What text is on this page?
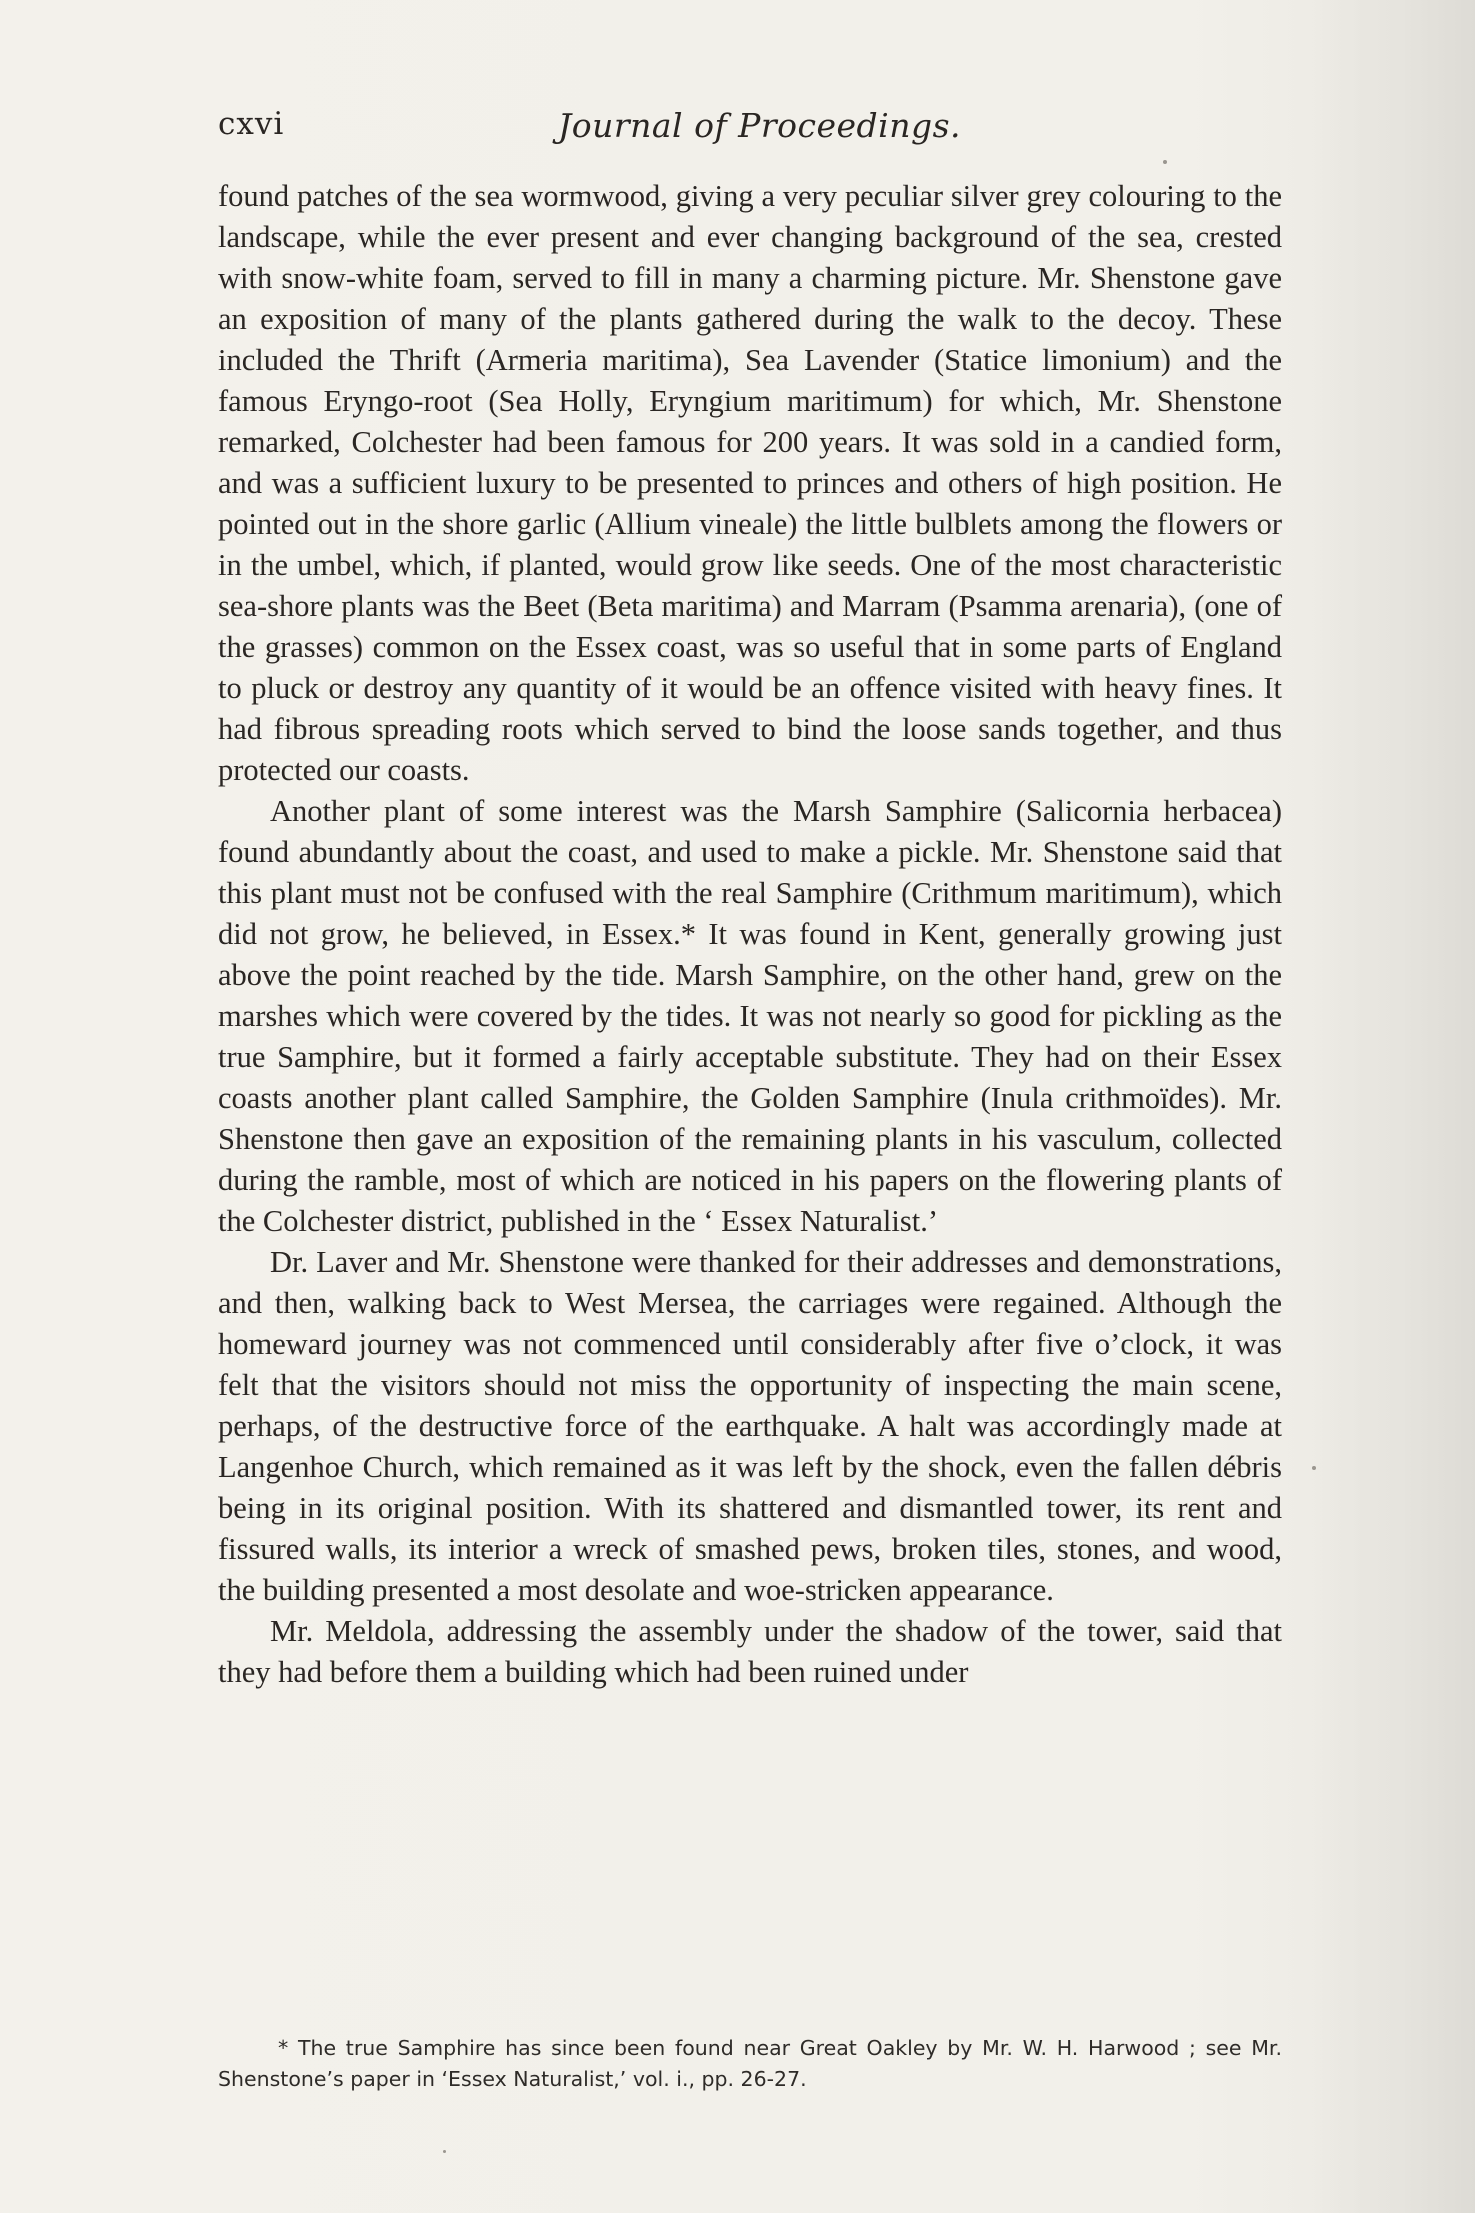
cxvi	Journal of Proceedings.

found patches of the sea wormwood, giving a very peculiar silver grey colouring to the landscape, while the ever present and ever changing background of the sea, crested with snow-white foam, served to fill in many a charming picture. Mr. Shenstone gave an exposition of many of the plants gathered during the walk to the decoy. These included the Thrift (Armeria maritima), Sea Lavender (Statice limonium) and the famous Eryngo-root (Sea Holly, Eryngium maritimum) for which, Mr. Shenstone remarked, Colchester had been famous for 200 years. It was sold in a candied form, and was a sufficient luxury to be presented to princes and others of high position. He pointed out in the shore garlic (Allium vineale) the little bulblets among the flowers or in the umbel, which, if planted, would grow like seeds. One of the most characteristic sea-shore plants was the Beet (Beta maritima) and Marram (Psamma arenaria), (one of the grasses) common on the Essex coast, was so useful that in some parts of England to pluck or destroy any quantity of it would be an offence visited with heavy fines. It had fibrous spreading roots which served to bind the loose sands together, and thus protected our coasts.

Another plant of some interest was the Marsh Samphire (Salicornia herbacea) found abundantly about the coast, and used to make a pickle. Mr. Shenstone said that this plant must not be confused with the real Samphire (Crithmum maritimum), which did not grow, he believed, in Essex.* It was found in Kent, generally growing just above the point reached by the tide. Marsh Samphire, on the other hand, grew on the marshes which were covered by the tides. It was not nearly so good for pickling as the true Samphire, but it formed a fairly acceptable substitute. They had on their Essex coasts another plant called Samphire, the Golden Samphire (Inula crithmoïdes). Mr. Shenstone then gave an exposition of the remaining plants in his vasculum, collected during the ramble, most of which are noticed in his papers on the flowering plants of the Colchester district, published in the ‘ Essex Naturalist.’

Dr. Laver and Mr. Shenstone were thanked for their addresses and demonstrations, and then, walking back to West Mersea, the carriages were regained. Although the homeward journey was not commenced until considerably after five o’clock, it was felt that the visitors should not miss the opportunity of inspecting the main scene, perhaps, of the destructive force of the earthquake. A halt was accordingly made at Langenhoe Church, which remained as it was left by the shock, even the fallen débris being in its original position. With its shattered and dismantled tower, its rent and fissured walls, its interior a wreck of smashed pews, broken tiles, stones, and wood, the building presented a most desolate and woe-stricken appearance.

Mr. Meldola, addressing the assembly under the shadow of the tower, said that they had before them a building which had been ruined under

* The true Samphire has since been found near Great Oakley by Mr. W. H. Harwood ; see Mr. Shenstone’s paper in ‘Essex Naturalist,’ vol. i., pp. 26-27.
